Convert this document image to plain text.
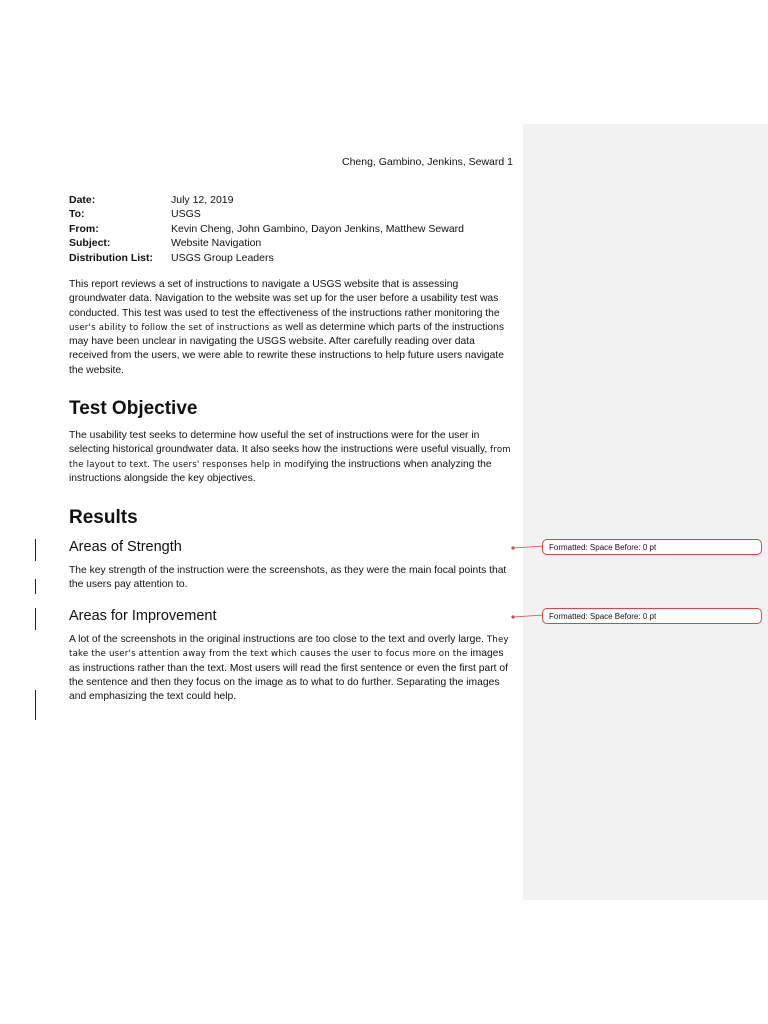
Cheng, Gambino, Jenkins, Seward 1
Date:	July 12, 2019
To:	USGS
From:	Kevin Cheng, John Gambino, Dayon Jenkins, Matthew Seward
Subject:	Website Navigation
Distribution List:	USGS Group Leaders

This report reviews a set of instructions to navigate a USGS website that is assessing groundwater data. Navigation to the website was set up for the user before a usability test was conducted. This test was used to test the effectiveness of the instructions rather monitoring the user's ability to follow the set of instructions as well as determine which parts of the instructions may have been unclear in navigating the USGS website. After carefully reading over data received from the users, we were able to rewrite these instructions to help future users navigate the website.

Test Objective

The usability test seeks to determine how useful the set of instructions were for the user in selecting historical groundwater data. It also seeks how the instructions were useful visually, from the layout to text. The users' responses help in modifying the instructions when analyzing the instructions alongside the key objectives.

Results
Areas of Strength

The key strength of the instruction were the screenshots, as they were the main focal points that the users pay attention to.

Areas for Improvement

A lot of the screenshots in the original instructions are too close to the text and overly large. They take the user's attention away from the text which causes the user to focus more on the images as instructions rather than the text. Most users will read the first sentence or even the first part of the sentence and then they focus on the image as to what to do further. Separating the images and emphasizing the text could help.

Formatted: Space Before: 0 pt
Formatted: Space Before: 0 pt
